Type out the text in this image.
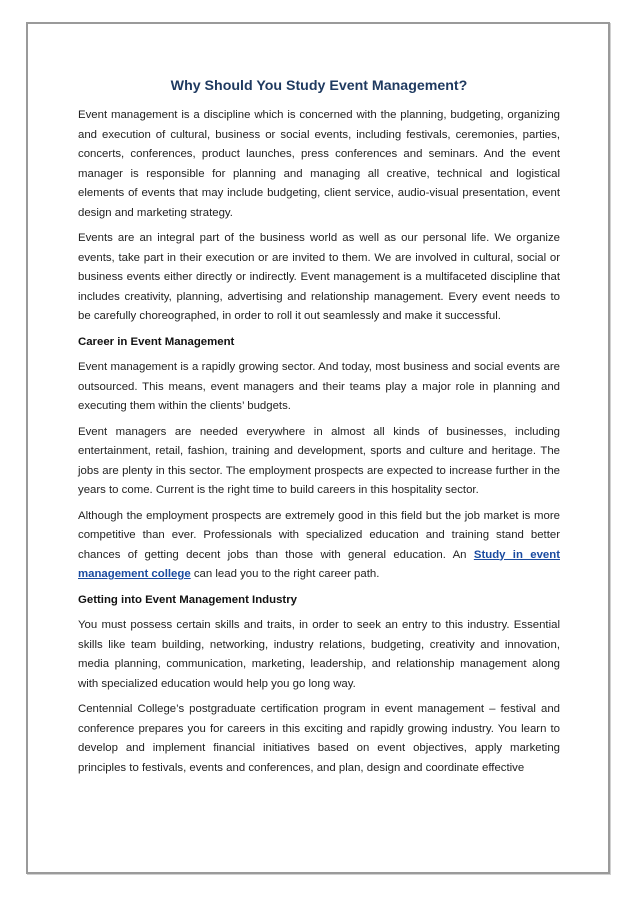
Why Should You Study Event Management?

Event management is a discipline which is concerned with the planning, budgeting, organizing and execution of cultural, business or social events, including festivals, ceremonies, parties, concerts, conferences, product launches, press conferences and seminars. And the event manager is responsible for planning and managing all creative, technical and logistical elements of events that may include budgeting, client service, audio-visual presentation, event design and marketing strategy.

Events are an integral part of the business world as well as our personal life. We organize events, take part in their execution or are invited to them. We are involved in cultural, social or business events either directly or indirectly. Event management is a multifaceted discipline that includes creativity, planning, advertising and relationship management. Every event needs to be carefully choreographed, in order to roll it out seamlessly and make it successful.

Career in Event Management

Event management is a rapidly growing sector. And today, most business and social events are outsourced. This means, event managers and their teams play a major role in planning and executing them within the clients’ budgets.

Event managers are needed everywhere in almost all kinds of businesses, including entertainment, retail, fashion, training and development, sports and culture and heritage. The jobs are plenty in this sector. The employment prospects are expected to increase further in the years to come. Current is the right time to build careers in this hospitality sector.

Although the employment prospects are extremely good in this field but the job market is more competitive than ever. Professionals with specialized education and training stand better chances of getting decent jobs than those with general education. An Study in event management college can lead you to the right career path.

Getting into Event Management Industry

You must possess certain skills and traits, in order to seek an entry to this industry. Essential skills like team building, networking, industry relations, budgeting, creativity and innovation, media planning, communication, marketing, leadership, and relationship management along with specialized education would help you go long way.

Centennial College’s postgraduate certification program in event management – festival and conference prepares you for careers in this exciting and rapidly growing industry. You learn to develop and implement financial initiatives based on event objectives, apply marketing principles to festivals, events and conferences, and plan, design and coordinate effective
